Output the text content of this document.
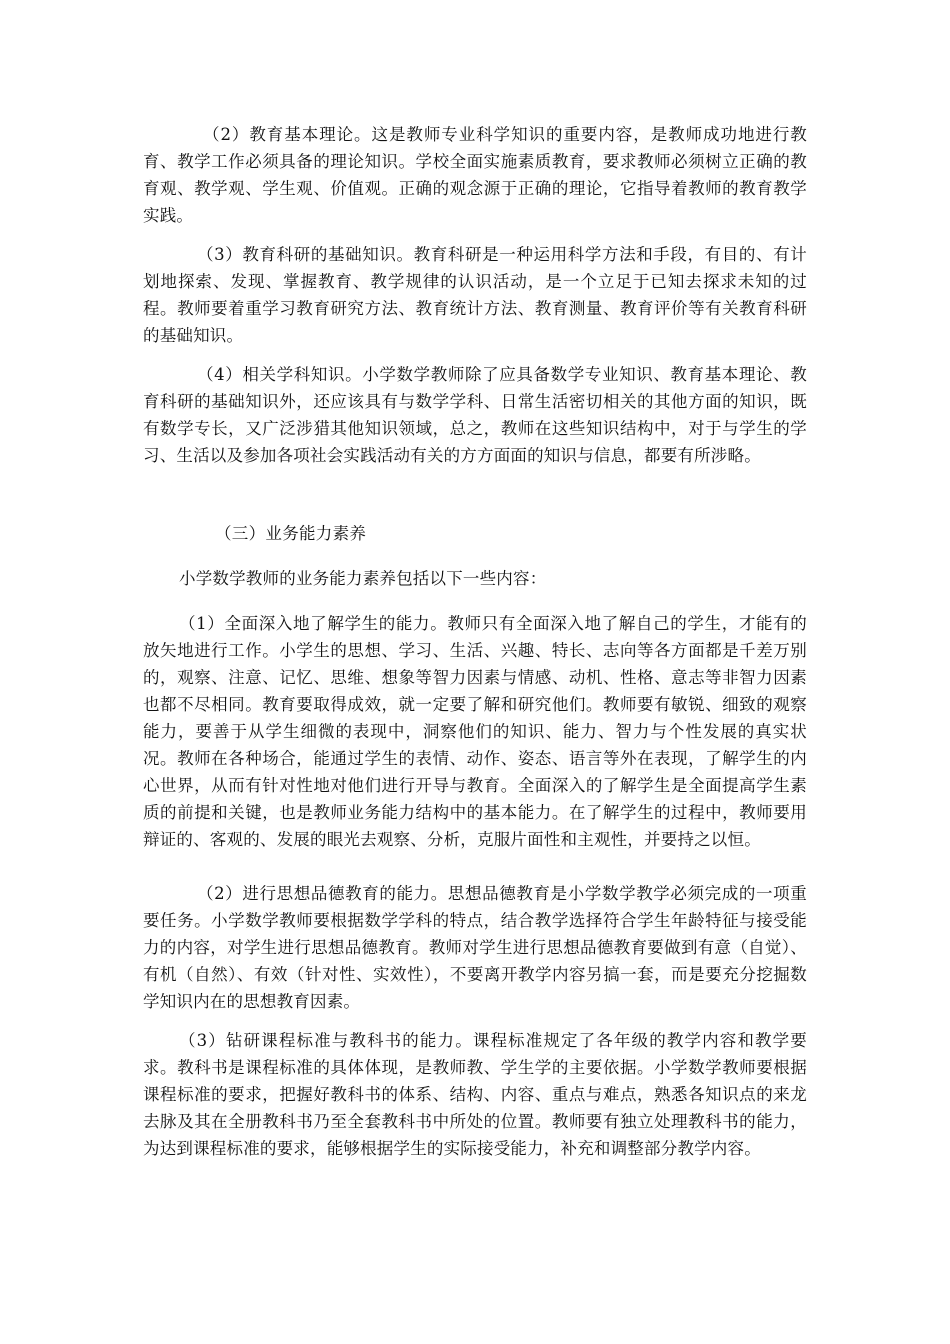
（2）教育基本理论。这是教师专业科学知识的重要内容，是教师成功地进行教育、教学工作必须具备的理论知识。学校全面实施素质教育，要求教师必须树立正确的教育观、教学观、学生观、价值观。正确的观念源于正确的理论，它指导着教师的教育教学实践。

（3）教育科研的基础知识。教育科研是一种运用科学方法和手段，有目的、有计划地探索、发现、掌握教育、教学规律的认识活动，是一个立足于已知去探求未知的过程。教师要着重学习教育研究方法、教育统计方法、教育测量、教育评价等有关教育科研的基础知识。

（4）相关学科知识。小学数学教师除了应具备数学专业知识、教育基本理论、教育科研的基础知识外，还应该具有与数学学科、日常生活密切相关的其他方面的知识，既有数学专长，又广泛涉猎其他知识领域，总之，教师在这些知识结构中，对于与学生的学习、生活以及参加各项社会实践活动有关的方方面面的知识与信息，都要有所涉略。

（三）业务能力素养

小学数学教师的业务能力素养包括以下一些内容：

（1）全面深入地了解学生的能力。教师只有全面深入地了解自己的学生，才能有的放矢地进行工作。小学生的思想、学习、生活、兴趣、特长、志向等各方面都是千差万别的，观察、注意、记忆、思维、想象等智力因素与情感、动机、性格、意志等非智力因素也都不尽相同。教育要取得成效，就一定要了解和研究他们。教师要有敏锐、细致的观察能力，要善于从学生细微的表现中，洞察他们的知识、能力、智力与个性发展的真实状况。教师在各种场合，能通过学生的表情、动作、姿态、语言等外在表现，了解学生的内心世界，从而有针对性地对他们进行开导与教育。全面深入的了解学生是全面提高学生素质的前提和关键，也是教师业务能力结构中的基本能力。在了解学生的过程中，教师要用辩证的、客观的、发展的眼光去观察、分析，克服片面性和主观性，并要持之以恒。

（2）进行思想品德教育的能力。思想品德教育是小学数学教学必须完成的一项重要任务。小学数学教师要根据数学学科的特点，结合教学选择符合学生年龄特征与接受能力的内容，对学生进行思想品德教育。教师对学生进行思想品德教育要做到有意（自觉）、有机（自然）、有效（针对性、实效性），不要离开教学内容另搞一套，而是要充分挖掘数学知识内在的思想教育因素。

（3）钻研课程标准与教科书的能力。课程标准规定了各年级的教学内容和教学要求。教科书是课程标准的具体体现，是教师教、学生学的主要依据。小学数学教师要根据课程标准的要求，把握好教科书的体系、结构、内容、重点与难点，熟悉各知识点的来龙去脉及其在全册教科书乃至全套教科书中所处的位置。教师要有独立处理教科书的能力，为达到课程标准的要求，能够根据学生的实际接受能力，补充和调整部分教学内容。
